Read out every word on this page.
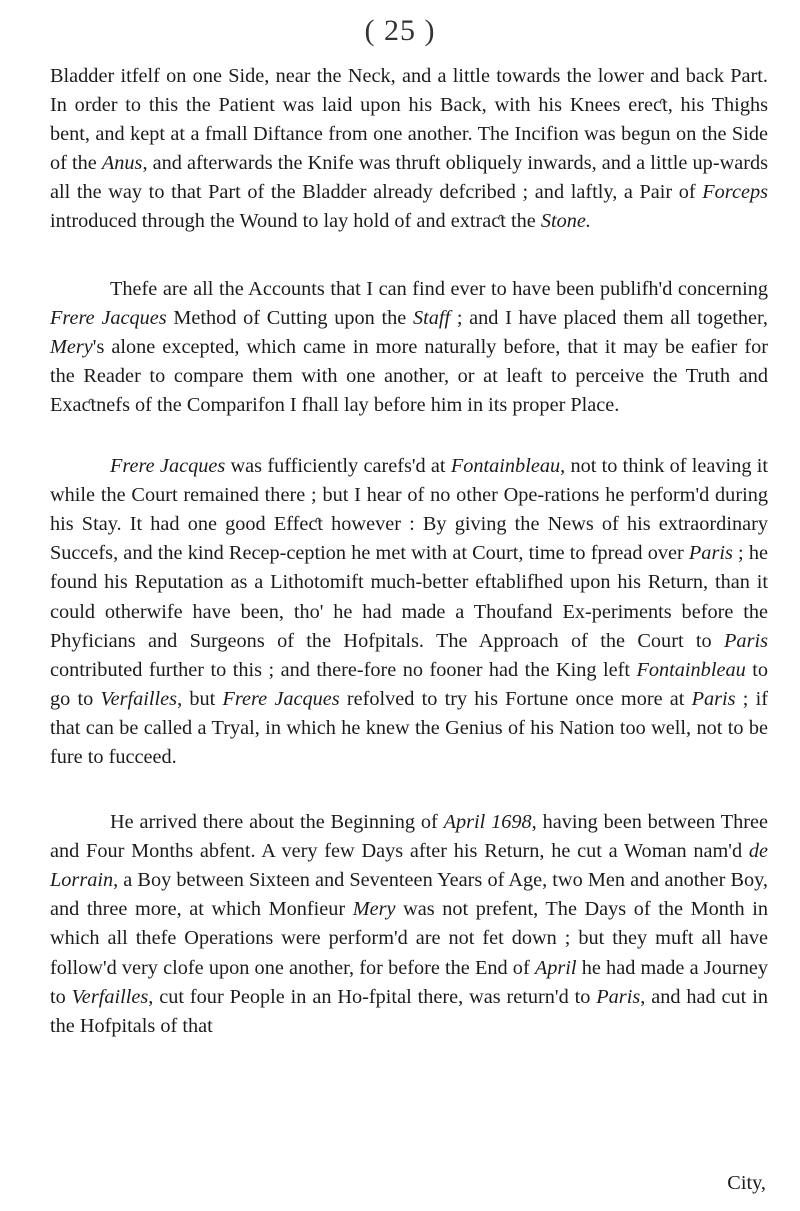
( 25 )

Bladder itfelf on one Side, near the Neck, and a little towards the lower and back Part. In order to this the Patient was laid upon his Back, with his Knees ereƈt, his Thighs bent, and kept at a fmall Diftance from one another. The Incifion was begun on the Side of the Anus, and afterwards the Knife was thruft obliquely inwards, and a little up-wards all the way to that Part of the Bladder already defcribed ; and laftly, a Pair of Forceps introduced through the Wound to lay hold of and extraƈt the Stone.

Thefe are all the Accounts that I can find ever to have been publifh'd concerning Frere Jacques Method of Cutting upon the Staff ; and I have placed them all together, Mery's alone excepted, which came in more naturally before, that it may be eafier for the Reader to compare them with one another, or at leaft to perceive the Truth and Exaƈtnefs of the Comparifon I fhall lay before him in its proper Place.

Frere Jacques was fufficiently carefs'd at Fontainbleau, not to think of leaving it while the Court remained there ; but I hear of no other Ope-rations he perform'd during his Stay. It had one good Effeƈt however : By giving the News of his extraordinary Succefs, and the kind Recep-ception he met with at Court, time to fpread over Paris ; he found his Reputation as a Lithotomift much-better eftablifhed upon his Return, than it could otherwife have been, tho' he had made a Thoufand Ex-periments before the Phyficians and Surgeons of the Hofpitals. The Approach of the Court to Paris contributed further to this ; and there-fore no fooner had the King left Fontainbleau to go to Verfailles, but Frere Jacques refolved to try his Fortune once more at Paris ; if that can be called a Tryal, in which he knew the Genius of his Nation too well, not to be fure to fucceed.

He arrived there about the Beginning of April 1698, having been between Three and Four Months abfent. A very few Days after his Return, he cut a Woman nam'd de Lorrain, a Boy between Sixteen and Seventeen Years of Age, two Men and another Boy, and three more, at which Monfieur Mery was not prefent, The Days of the Month in which all thefe Operations were perform'd are not fet down ; but they muft all have follow'd very clofe upon one another, for before the End of April he had made a Journey to Verfailles, cut four People in an Ho-fpital there, was return'd to Paris, and had cut in the Hofpitals of that

City,
